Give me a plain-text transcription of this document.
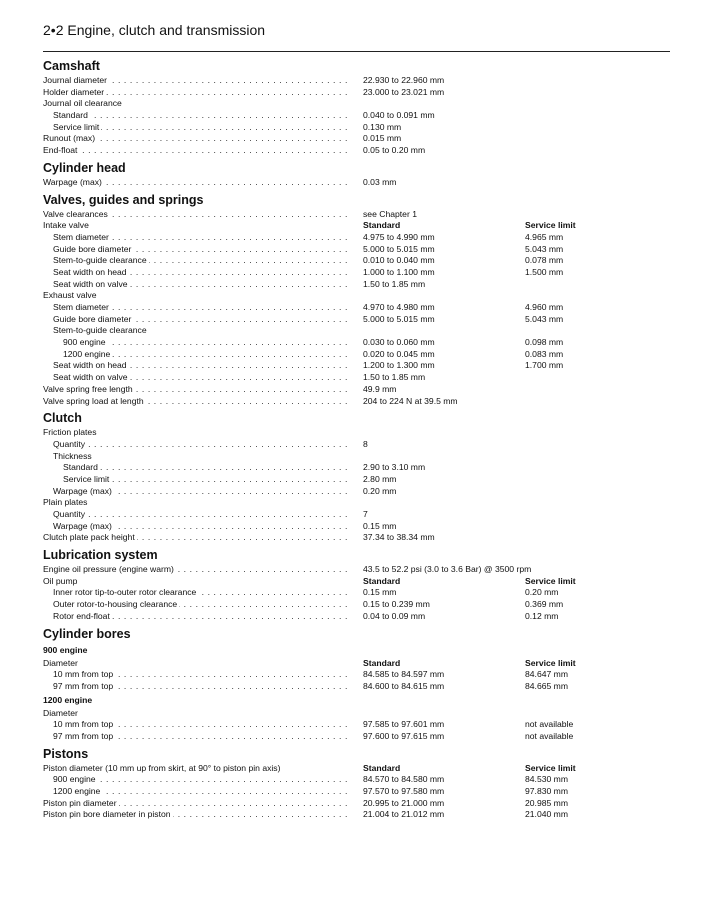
2•2 Engine, clutch and transmission
Camshaft
Journal diameter . . .	22.930 to 22.960 mm
Holder diameter . . .	23.000 to 23.021 mm
Journal oil clearance
Standard . . .	0.040 to 0.091 mm
Service limit . . .	0.130 mm
Runout (max) . . .	0.015 mm
End-float . . .	0.05 to 0.20 mm
Cylinder head
Warpage (max) . . .	0.03 mm
Valves, guides and springs
Valve clearances . . .	see Chapter 1
Intake valve	Standard	Service limit
Stem diameter . . .	4.975 to 4.990 mm	4.965 mm
Guide bore diameter . . .	5.000 to 5.015 mm	5.043 mm
Stem-to-guide clearance . . .	0.010 to 0.040 mm	0.078 mm
Seat width on head . . .	1.000 to 1.100 mm	1.500 mm
Seat width on valve . . .	1.50 to 1.85 mm
Exhaust valve
Stem diameter . . .	4.970 to 4.980 mm	4.960 mm
Guide bore diameter . . .	5.000 to 5.015 mm	5.043 mm
Stem-to-guide clearance
900 engine . . .	0.030 to 0.060 mm	0.098 mm
1200 engine . . .	0.020 to 0.045 mm	0.083 mm
Seat width on head . . .	1.200 to 1.300 mm	1.700 mm
Seat width on valve . . .	1.50 to 1.85 mm
Valve spring free length . . .	49.9 mm
Valve spring load at length . . .	204 to 224 N at 39.5 mm
Clutch
Friction plates
Quantity . . .	8
Thickness
Standard . . .	2.90 to 3.10 mm
Service limit . . .	2.80 mm
Warpage (max) . . .	0.20 mm
Plain plates
Quantity . . .	7
Warpage (max) . . .	0.15 mm
Clutch plate pack height . . .	37.34 to 38.34 mm
Lubrication system
Engine oil pressure (engine warm) . . .	43.5 to 52.2 psi (3.0 to 3.6 Bar) @ 3500 rpm
Oil pump	Standard	Service limit
Inner rotor tip-to-outer rotor clearance . . .	0.15 mm	0.20 mm
Outer rotor-to-housing clearance . . .	0.15 to 0.239 mm	0.369 mm
Rotor end-float . . .	0.04 to 0.09 mm	0.12 mm
Cylinder bores
900 engine
Diameter	Standard	Service limit
10 mm from top . . .	84.585 to 84.597 mm	84.647 mm
97 mm from top . . .	84.600 to 84.615 mm	84.665 mm
1200 engine
Diameter
10 mm from top . . .	97.585 to 97.601 mm	not available
97 mm from top . . .	97.600 to 97.615 mm	not available
Pistons
Piston diameter (10 mm up from skirt, at 90° to piston pin axis)	Standard	Service limit
900 engine . . .	84.570 to 84.580 mm	84.530 mm
1200 engine . . .	97.570 to 97.580 mm	97.830 mm
Piston pin diameter . . .	20.995 to 21.000 mm	20.985 mm
Piston pin bore diameter in piston . . .	21.004 to 21.012 mm	21.040 mm
